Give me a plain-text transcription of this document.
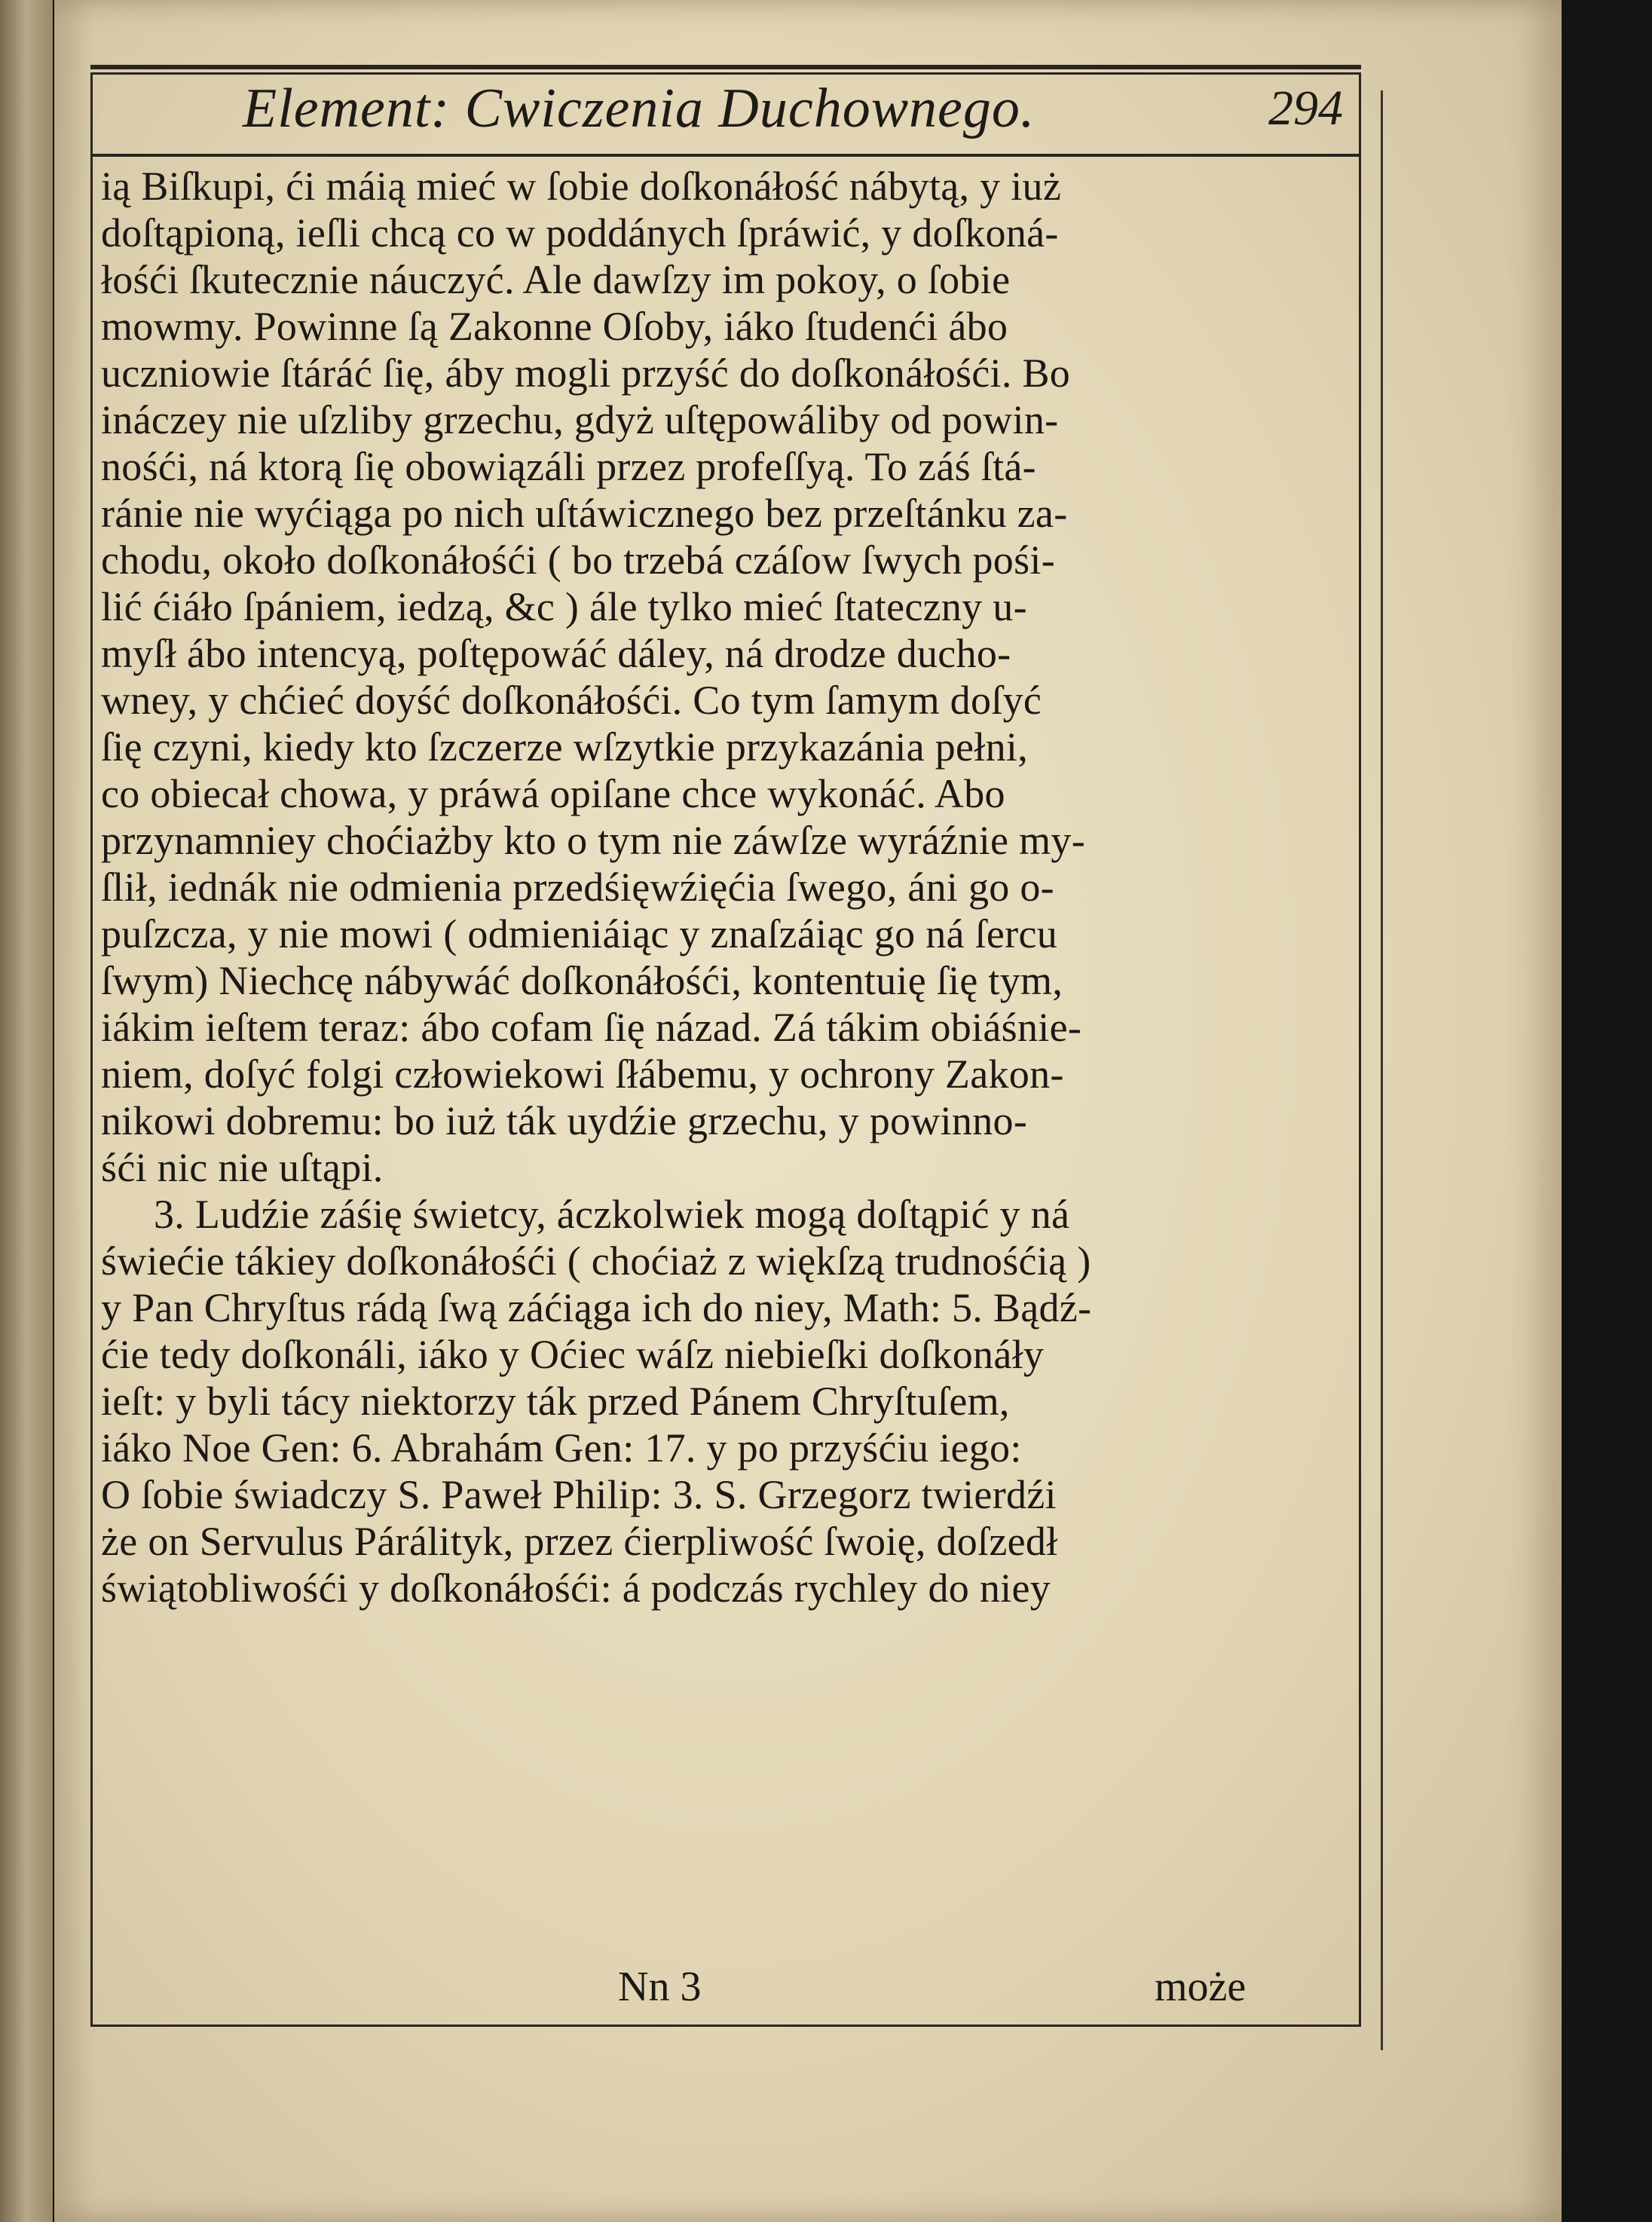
Element: Cwiczenia Duchownego.	294
ią Biſkupi, ći máią mieć w ſobie doſkonáłość nábytą, y iuż
doſtąpioną, ieſli chcą co w poddánych ſpráwić, y doſkoná-
łośći ſkutecznie náuczyć. Ale dawſzy im pokoy, o ſobie
mowmy. Powinne ſą Zakonne Oſoby, iáko ſtudenći ábo
uczniowie ſtáráć ſię, áby mogli przyść do doſkonáłośći. Bo
ináczey nie uſzliby grzechu, gdyż uſtępowáliby od powin-
nośći, ná ktorą ſię obowiązáli przez profeſſyą. To záś ſtá-
ránie nie wyćiąga po nich uſtáwicznego bez przeſtánku za-
chodu, około doſkonáłośći ( bo trzebá czáſow ſwych pośi-
lić ćiáło ſpániem, iedzą, &c ) ále tylko mieć ſtateczny u-
myſł ábo intencyą, poſtępowáć dáley, ná drodze ducho-
wney, y chćieć doyść doſkonáłośći. Co tym ſamym doſyć
ſię czyni, kiedy kto ſzczerze wſzytkie przykazánia pełni,
co obiecał chowa, y práwá opiſane chce wykonáć. Abo
przynamniey choćiażby kto o tym nie záwſze wyráźnie my-
ſlił, iednák nie odmienia przedśięwźięćia ſwego, áni go o-
puſzcza, y nie mowi ( odmieniáiąc y znaſzáiąc go ná ſercu
ſwym) Niechcę nábywáć doſkonáłośći, kontentuię ſię tym,
iákim ieſtem teraz: ábo cofam ſię názad. Zá tákim obiáśnie-
niem, doſyć folgi człowiekowi ſłábemu, y ochrony Zakon-
nikowi dobremu: bo iuż ták uydźie grzechu, y powinno-
śći nic nie uſtąpi.
3. Ludźie záśię świetcy, áczkolwiek mogą doſtąpić y ná
świećie tákiey doſkonáłośći ( choćiaż z więkſzą trudnośćią )
y Pan Chryſtus rádą ſwą záćiąga ich do niey, Math: 5. Bądź-
ćie tedy doſkonáli, iáko y Oćiec wáſz niebieſki doſkonáły
ieſt: y byli tácy niektorzy ták przed Pánem Chryſtuſem,
iáko Noe Gen: 6. Abrahám Gen: 17. y po przyśćiu iego:
O ſobie świadczy S. Paweł Philip: 3. S. Grzegorz twierdźi
że on Servulus Párálityk, przez ćierpliwość ſwoię, doſzedł
świątobliwośći y doſkonáłośći: á podczás rychley do niey
Nn 3	może
